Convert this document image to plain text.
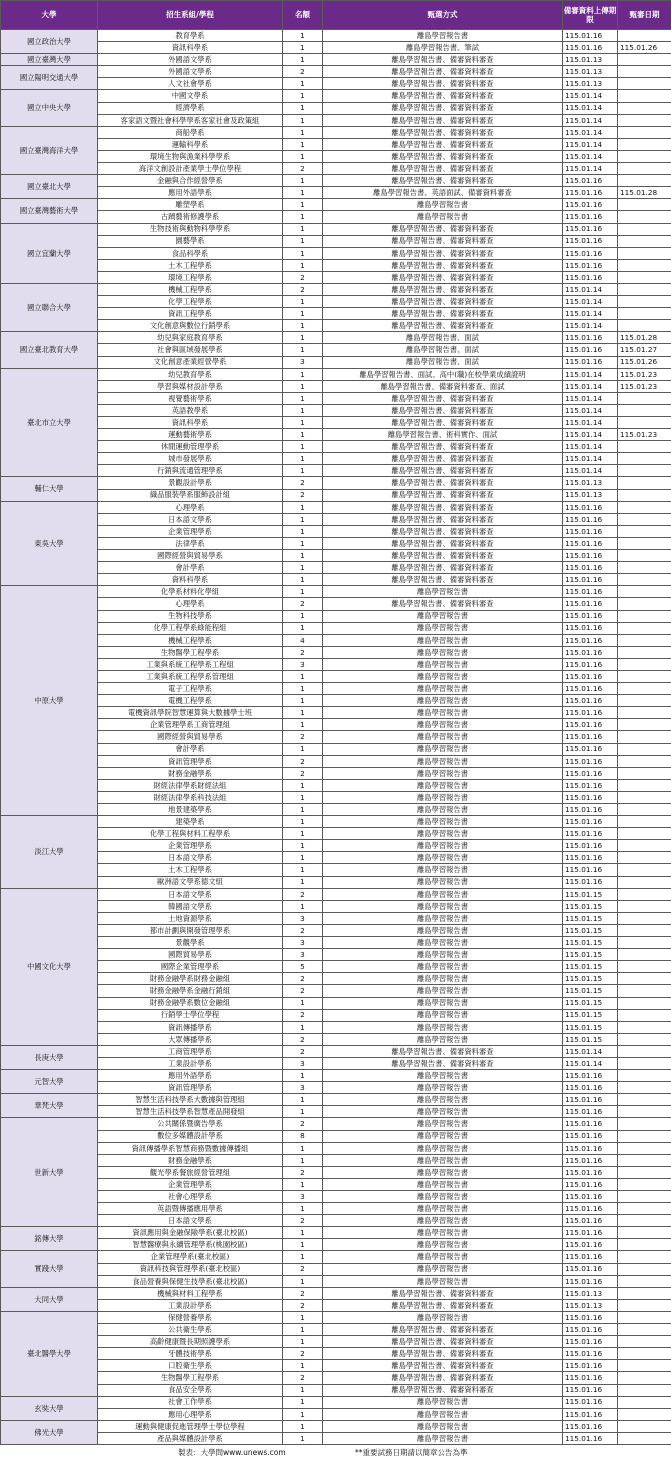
大學	招生系組/學程	名額	甄選方式	備審資料上傳期限	甄審日期
國立政治大學	教育學系	1	離島學習報告書	115.01.16	
	資訊科學系	1	離島學習報告書、筆試	115.01.16	115.01.26
國立臺灣大學	外國語文學系	1	離島學習報告書、備審資料審查	115.01.13	
國立陽明交通大學	外國語文學系	2	離島學習報告書、備審資料審查	115.01.13	
	人文社會學系	1	離島學習報告書、備審資料審查	115.01.13	
國立中央大學	中國文學系	1	離島學習報告書、備審資料審查	115.01.14	
	經濟學系	1	離島學習報告書、備審資料審查	115.01.14	
	客家語文暨社會科學學系客家社會及政策組	1	離島學習報告書、備審資料審查	115.01.14	
國立臺灣海洋大學	商船學系	1	離島學習報告書、備審資料審查	115.01.14	
	運輸科學系	1	離島學習報告書、備審資料審查	115.01.14	
	環境生物與漁業科學學系	1	離島學習報告書、備審資料審查	115.01.14	
	海洋文創設計產業學士學位學程	2	離島學習報告書、備審資料審查	115.01.14	
國立臺北大學	金融與合作經營學系	1	離島學習報告書、備審資料審查	115.01.16	
	應用外語學系	1	離島學習報告書、英語面試、備審資料審查	115.01.16	115.01.28
國立臺灣藝術大學	雕塑學系	1	離島學習報告書	115.01.16	
	古蹟藝術修護學系	1	離島學習報告書	115.01.16	
國立宜蘭大學	生物技術與動物科學學系	1	離島學習報告書、備審資料審查	115.01.16	
	園藝學系	1	離島學習報告書、備審資料審查	115.01.16	
	食品科學系	1	離島學習報告書、備審資料審查	115.01.16	
	土木工程學系	1	離島學習報告書、備審資料審查	115.01.16	
	環境工程學系	2	離島學習報告書、備審資料審查	115.01.16	
國立聯合大學	機械工程學系	2	離島學習報告書、備審資料審查	115.01.14	
	化學工程學系	1	離島學習報告書、備審資料審查	115.01.14	
	資訊工程學系	1	離島學習報告書、備審資料審查	115.01.14	
	文化創意與數位行銷學系	1	離島學習報告書、備審資料審查	115.01.14	
國立臺北教育大學	幼兒與家庭教育學系	1	離島學習報告書、面試	115.01.16	115.01.28
	社會與區域發展學系	1	離島學習報告書、面試	115.01.16	115.01.27
	文化創意產業經營學系	3	離島學習報告書、面試	115.01.16	115.01.26
臺北市立大學	幼兒教育學系	1	離島學習報告書、面試、高中(職)在校學業成績證明	115.01.14	115.01.23
	學習與媒材設計學系	1	離島學習報告書、備審資料審查、面試	115.01.14	115.01.23
	視覺藝術學系	1	離島學習報告書、備審資料審查	115.01.14	
	英語教學系	1	離島學習報告書、備審資料審查	115.01.14	
	資訊科學系	1	離島學習報告書、備審資料審查	115.01.14	
	運動藝術學系	1	離島學習報告書、術科實作、面試	115.01.14	115.01.23
	休閒運動管理學系	1	離島學習報告書、備審資料審查	115.01.14	
	城市發展學系	1	離島學習報告書、備審資料審查	115.01.14	
	行銷與流通管理學系	1	離島學習報告書、備審資料審查	115.01.14	
輔仁大學	景觀設計學系	2	離島學習報告書、備審資料審查	115.01.13	
	織品服裝學系服飾設計組	2	離島學習報告書、備審資料審查	115.01.13	
東吳大學	心理學系	1	離島學習報告書、備審資料審查	115.01.16	
	日本語文學系	1	離島學習報告書、備審資料審查	115.01.16	
	企業管理學系	1	離島學習報告書、備審資料審查	115.01.16	
	法律學系	1	離島學習報告書、備審資料審查	115.01.16	
	國際經營與貿易學系	1	離島學習報告書、備審資料審查	115.01.16	
	會計學系	1	離島學習報告書、備審資料審查	115.01.16	
	資料科學系	1	離島學習報告書、備審資料審查	115.01.16	
中原大學	化學系材料化學組	1	離島學習報告書	115.01.16	
	心理學系	2	離島學習報告書、備審資料審查	115.01.16	
	生物科技學系	1	離島學習報告書	115.01.16	
	化學工程學系綠能程組	1	離島學習報告書	115.01.16	
	機械工程學系	4	離島學習報告書	115.01.16	
	生物醫學工程學系	2	離島學習報告書	115.01.16	
	工業與系統工程學系工程組	3	離島學習報告書	115.01.16	
	工業與系統工程學系管理組	1	離島學習報告書	115.01.16	
	電子工程學系	1	離島學習報告書	115.01.16	
	電機工程學系	1	離島學習報告書	115.01.16	
	電機資訊學院智慧運算與大數據學士班	1	離島學習報告書	115.01.16	
	企業管理學系工商管理組	1	離島學習報告書	115.01.16	
	國際經營與貿易學系	2	離島學習報告書	115.01.16	
	會計學系	1	離島學習報告書	115.01.16	
	資訊管理學系	2	離島學習報告書	115.01.16	
	財務金融學系	2	離島學習報告書	115.01.16	
	財經法律學系財經法組	1	離島學習報告書	115.01.16	
	財經法律學系科技法組	1	離島學習報告書	115.01.16	
	地景建築學系	1	離島學習報告書	115.01.16	
淡江大學	建築學系	1	離島學習報告書	115.01.16	
	化學工程與材料工程學系	1	離島學習報告書	115.01.16	
	企業管理學系	1	離島學習報告書	115.01.16	
	日本語文學系	1	離島學習報告書	115.01.16	
	土木工程學系	1	離島學習報告書	115.01.16	
	歐洲語文學系德文組	1	離島學習報告書	115.01.16	
中國文化大學	日本語文學系	2	離島學習報告書	115.01.15	
	韓國語文學系	1	離島學習報告書	115.01.15	
	土地資源學系	3	離島學習報告書	115.01.15	
	都市計劃與開發管理學系	2	離島學習報告書	115.01.15	
	景觀學系	3	離島學習報告書	115.01.15	
	國際貿易學系	3	離島學習報告書	115.01.15	
	國際企業管理學系	5	離島學習報告書	115.01.15	
	財務金融學系財務金融組	2	離島學習報告書	115.01.15	
	財務金融學系金融行銷組	2	離島學習報告書	115.01.15	
	財務金融學系數位金融組	1	離島學習報告書	115.01.15	
	行銷學士學位學程	2	離島學習報告書	115.01.15	
	資訊傳播學系	1	離島學習報告書	115.01.15	
	大眾傳播學系	2	離島學習報告書	115.01.15	
長庚大學	工商管理學系	2	離島學習報告書、備審資料審查	115.01.14	
	工業設計學系	3	離島學習報告書、備審資料審查	115.01.14	
元智大學	應用外語學系	1	離島學習報告書	115.01.16	
	資訊管理學系	3	離島學習報告書	115.01.16	
華梵大學	智慧生活科技學系大數據與管理組	1	離島學習報告書	115.01.16	
	智慧生活科技學系智慧產品開發組	1	離島學習報告書	115.01.16	
世新大學	公共關係暨廣告學系	2	離島學習報告書	115.01.16	
	數位多媒體設計學系	8	離島學習報告書	115.01.16	
	資訊傳播學系智慧商務暨數據傳播組	1	離島學習報告書	115.01.16	
	財務金融學系	1	離島學習報告書	115.01.16	
	觀光學系餐旅經營管理組	2	離島學習報告書	115.01.16	
	企業管理學系	1	離島學習報告書	115.01.16	
	社會心理學系	3	離島學習報告書	115.01.16	
	英語暨傳播應用學系	1	離島學習報告書	115.01.16	
	日本語文學系	2	離島學習報告書	115.01.16	
銘傳大學	資訊應用與金融保險學系(臺北校區)	1	離島學習報告書	115.01.16	
	智慧醫療與永續管理學系(桃園校區)	1	離島學習報告書	115.01.16	
實踐大學	企業管理學系(臺北校區)	1	離島學習報告書	115.01.16	
	資訊科技與管理學系(臺北校區)	2	離島學習報告書	115.01.16	
	食品營養與保健生技學系(臺北校區)	1	離島學習報告書	115.01.16	
大同大學	機械與材料工程學系	2	離島學習報告書、備審資料審查	115.01.13	
	工業設計學系	2	離島學習報告書、備審資料審查	115.01.13	
臺北醫學大學	保健營養學系	1	離島學習報告書	115.01.16	
	公共衛生學系	1	離島學習報告書、備審資料審查	115.01.16	
	高齡健康暨長期照護學系	1	離島學習報告書、備審資料審查	115.01.16	
	牙體技術學系	2	離島學習報告書、備審資料審查	115.01.16	
	口腔衛生學系	1	離島學習報告書、備審資料審查	115.01.16	
	生物醫學工程學系	2	離島學習報告書、備審資料審查	115.01.16	
	食品安全學系	1	離島學習報告書、備審資料審查	115.01.16	
玄奘大學	社會工作學系	1	離島學習報告書	115.01.16	
	應用心理學系	1	離島學習報告書	115.01.16	
佛光大學	運動與健康促進管理學士學位學程	1	離島學習報告書	115.01.16	
	產品與媒體設計學系	1	離島學習報告書	115.01.16	
製表：大學問www.unews.com	**重要試務日期請以簡章公告為準
